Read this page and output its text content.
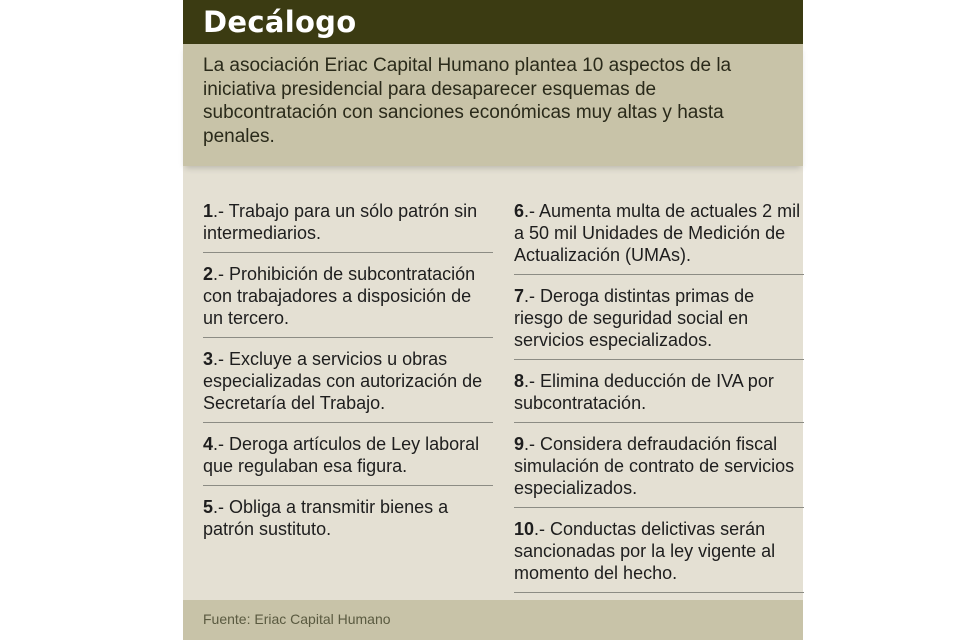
Decálogo

La asociación Eriac Capital Humano plantea 10 aspectos de la iniciativa presidencial para desaparecer esquemas de subcontratación con sanciones económicas muy altas y hasta penales.

1.- Trabajo para un sólo patrón sin intermediarios.
2.- Prohibición de subcontratación con trabajadores a disposición de un tercero.
3.- Excluye a servicios u obras especializadas con autorización de Secretaría del Trabajo.
4.- Deroga artículos de Ley laboral que regulaban esa figura.
5.- Obliga a transmitir bienes a patrón sustituto.
6.- Aumenta multa de actuales 2 mil a 50 mil Unidades de Medición de Actualización (UMAs).
7.- Deroga distintas primas de riesgo de seguridad social en servicios especializados.
8.- Elimina deducción de IVA por subcontratación.
9.- Considera defraudación fiscal simulación de contrato de servicios especializados.
10.- Conductas delictivas serán sancionadas por la ley vigente al momento del hecho.
Fuente: Eriac Capital Humano
